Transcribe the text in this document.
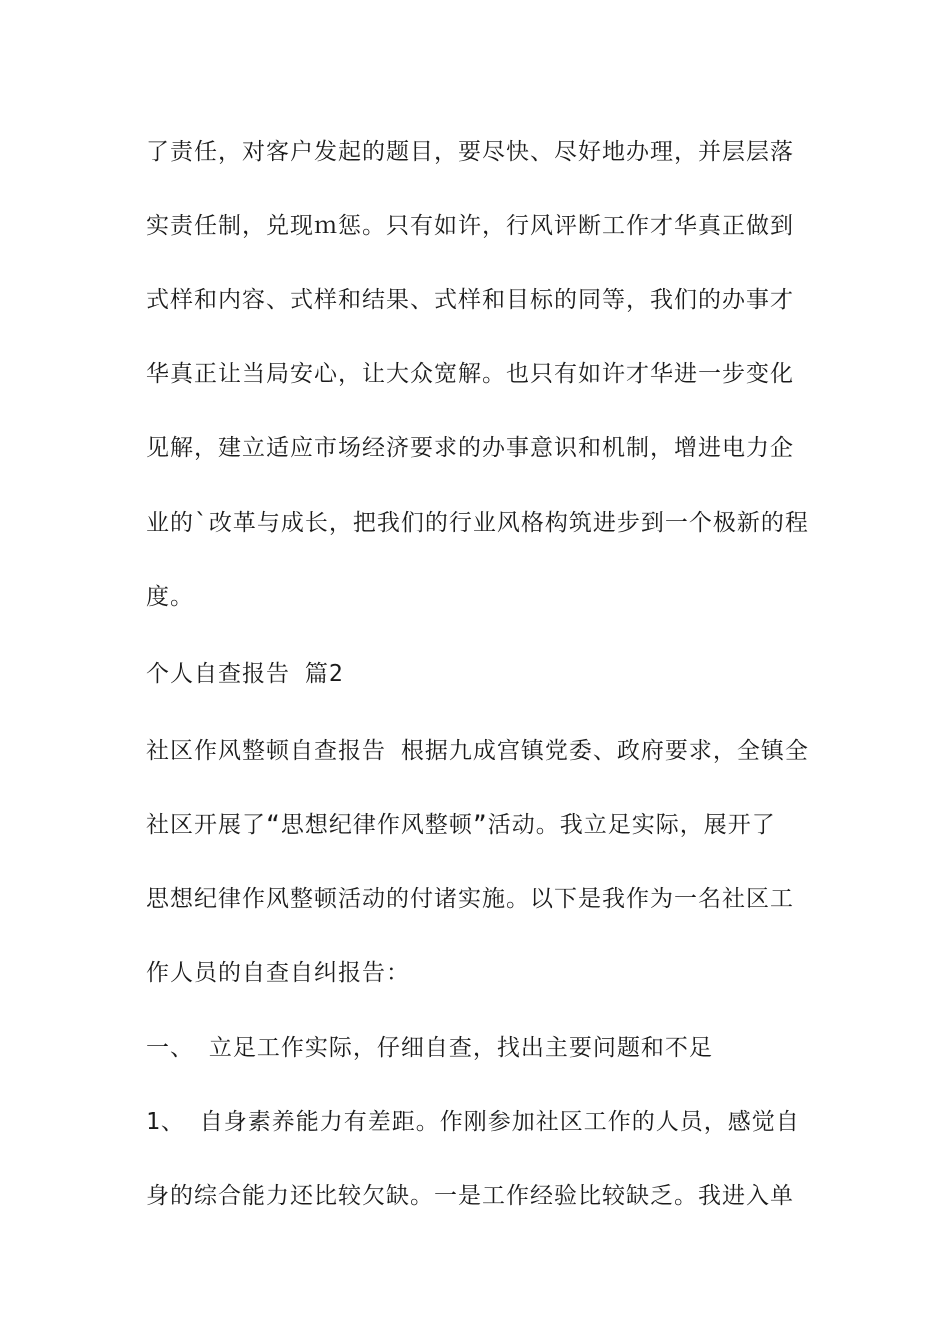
了责任，对客户发起的题目，要尽快、尽好地办理，并层层落
实责任制，兑现ｍ惩。只有如许，行风评断工作才华真正做到
式样和内容、式样和结果、式样和目标的同等，我们的办事才
华真正让当局安心，让大众宽解。也只有如许才华进一步变化
见解，建立适应市场经济要求的办事意识和机制，增进电力企
业的`改革与成长，把我们的行业风格构筑进步到一个极新的程
度。
个人自查报告 篇2
社区作风整顿自查报告 根据九成宫镇党委、政府要求，全镇全
社区开展了“思想纪律作风整顿”活动。我立足实际，展开了
思想纪律作风整顿活动的付诸实施。以下是我作为一名社区工
作人员的自查自纠报告：
一、 立足工作实际，仔细自查，找出主要问题和不足
1、 自身素养能力有差距。作刚参加社区工作的人员，感觉自
身的综合能力还比较欠缺。一是工作经验比较缺乏。我进入单
